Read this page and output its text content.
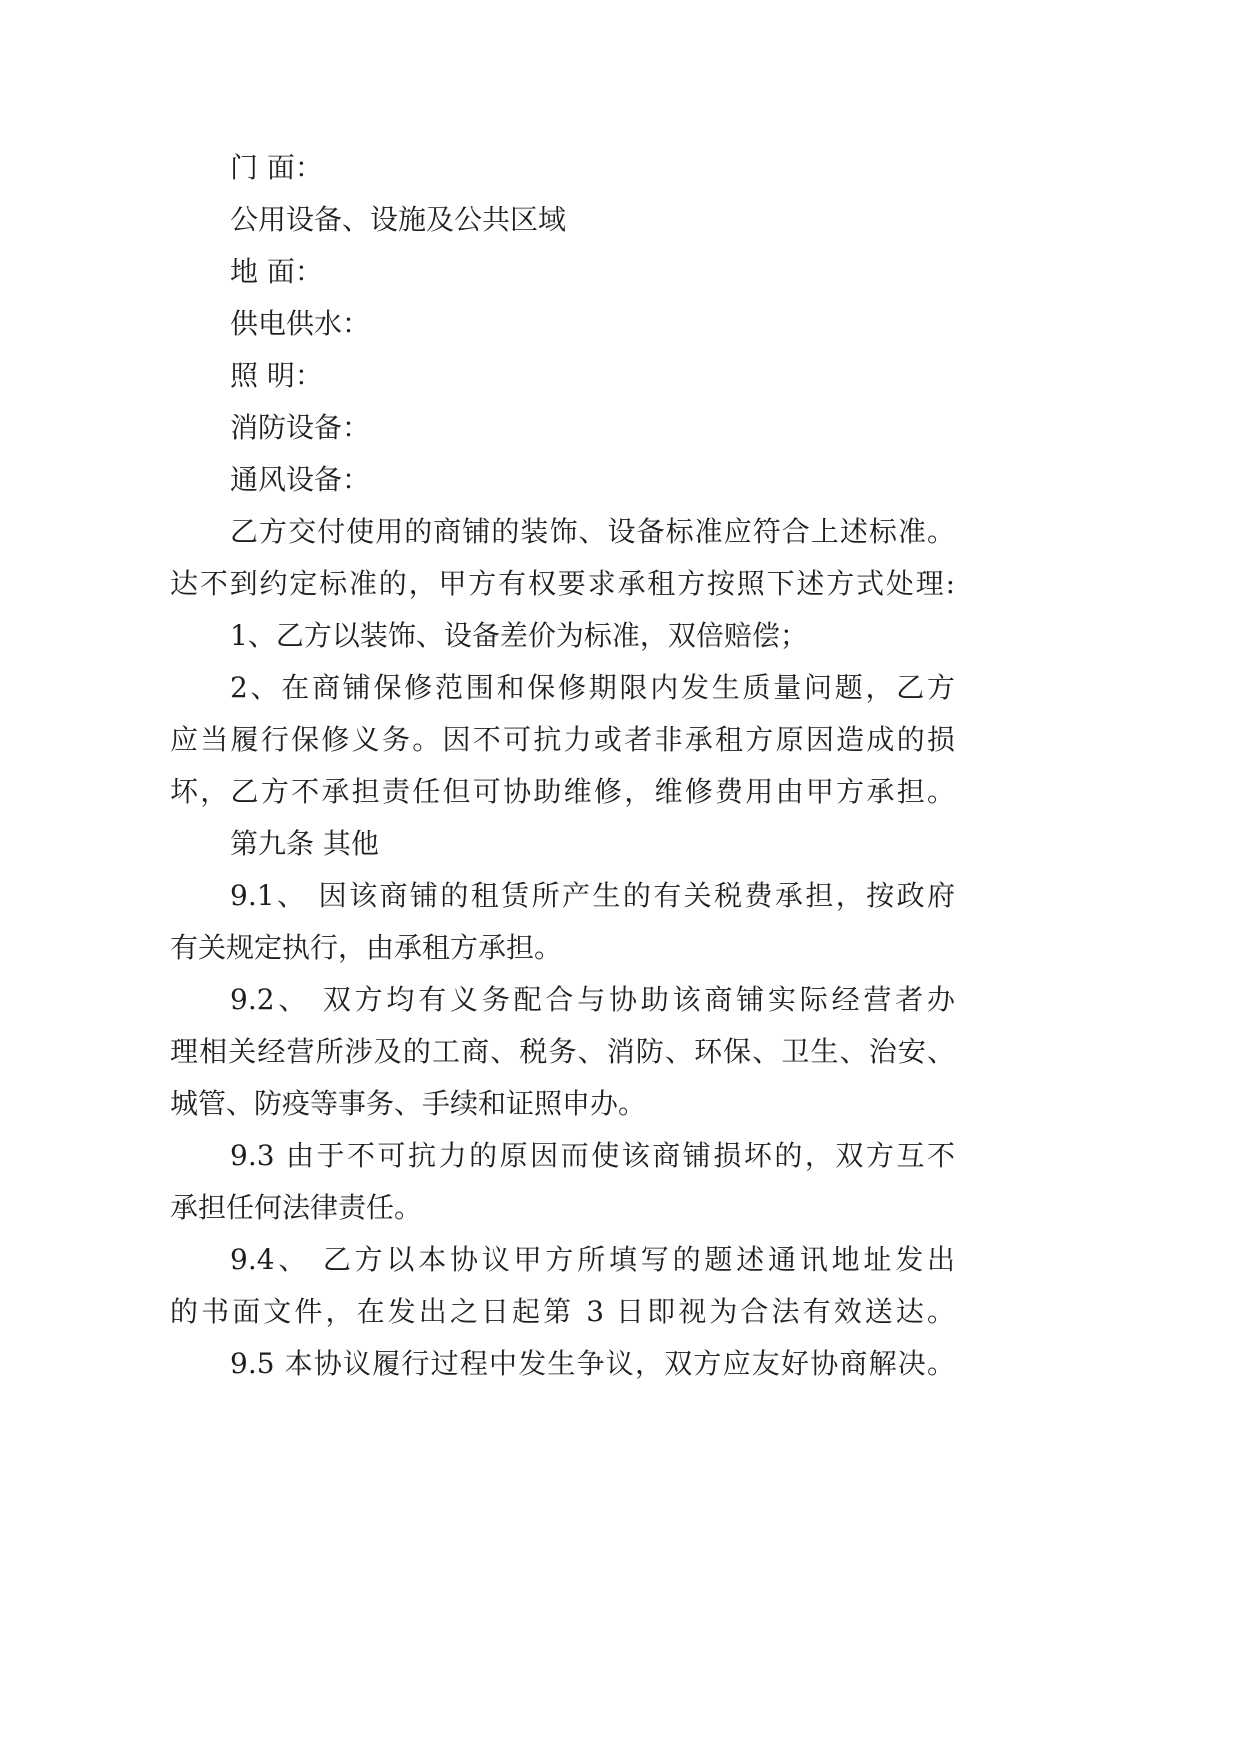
门 面：
公用设备、设施及公共区域
地 面：
供电供水：
照 明：
消防设备：
通风设备：
乙方交付使用的商铺的装饰、设备标准应符合上述标准。
达不到约定标准的，甲方有权要求承租方按照下述方式处理:
1、乙方以装饰、设备差价为标准，双倍赔偿；
2、在商铺保修范围和保修期限内发生质量问题，乙方
应当履行保修义务。因不可抗力或者非承租方原因造成的损
坏，乙方不承担责任但可协助维修，维修费用由甲方承担。
第九条 其他
9.1、 因该商铺的租赁所产生的有关税费承担，按政府
有关规定执行，由承租方承担。
9.2、 双方均有义务配合与协助该商铺实际经营者办
理相关经营所涉及的工商、税务、消防、环保、卫生、治安、
城管、防疫等事务、手续和证照申办。
9.3 由于不可抗力的原因而使该商铺损坏的，双方互不
承担任何法律责任。
9.4、 乙方以本协议甲方所填写的题述通讯地址发出
的书面文件，在发出之日起第 3 日即视为合法有效送达。
9.5 本协议履行过程中发生争议，双方应友好协商解决。
